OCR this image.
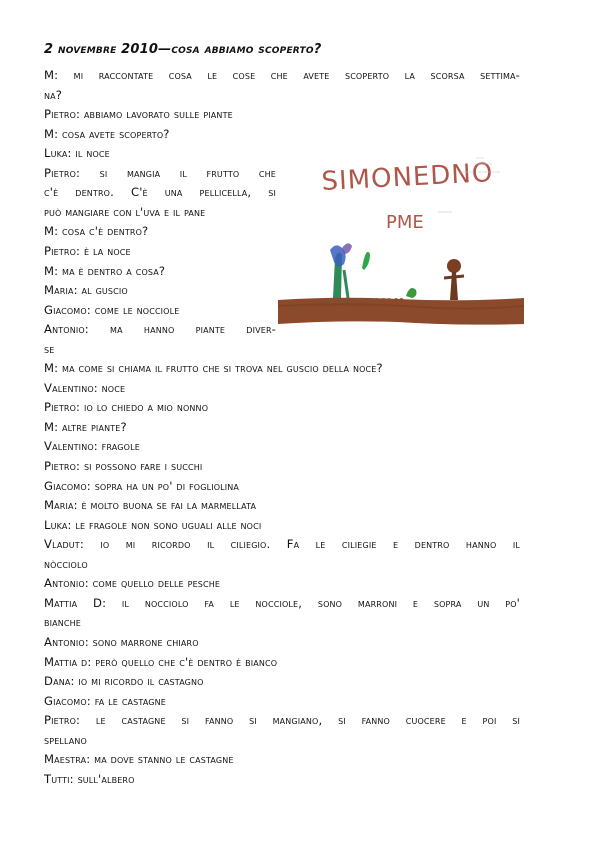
2 novembre 2010—cosa abbiamo scoperto?
M: mi raccontate cosa le cose che avete scoperto la scorsa settima-
na?
Pietro: abbiamo lavorato sulle piante
M: cosa avete scoperto?
Luka: il noce
Pietro: si mangia il frutto che
c'è dentro. C'è una pellicella, si
può mangiare con l'uva e il pane
M: cosa c'è dentro?
Pietro: è la noce
M: ma è dentro a cosa?
Maria: al guscio
Giacomo: come le nocciole
Antonio: ma hanno piante diver-
se
M: ma come si chiama il frutto che si trova nel guscio della noce?
Valentino: noce
Pietro: io lo chiedo a mio nonno
M: altre piante?
Valentino: fragole
Pietro: si possono fare i succhi
Giacomo: sopra ha un po' di fogliolina
Maria: è molto buona se fai la marmellata
Luka: le fragole non sono uguali alle noci
Vladut: io mi ricordo il ciliegio. Fa le ciliegie e dentro hanno il
nòcciolo
Antonio: come quello delle pesche
Mattia D: il nocciolo fa le nocciole, sono marroni e sopra un po'
bianche
Antonio: sono marrone chiaro
Mattia d: però quello che c'è dentro è bianco
Dana: io mi ricordo il castagno
Giacomo: fa le castagne
Pietro: le castagne si fanno si mangiano, si fanno cuocere e poi si
spellano
Maestra: ma dove stanno le castagne
Tutti: sull'albero
SIMONEDNO
PME
